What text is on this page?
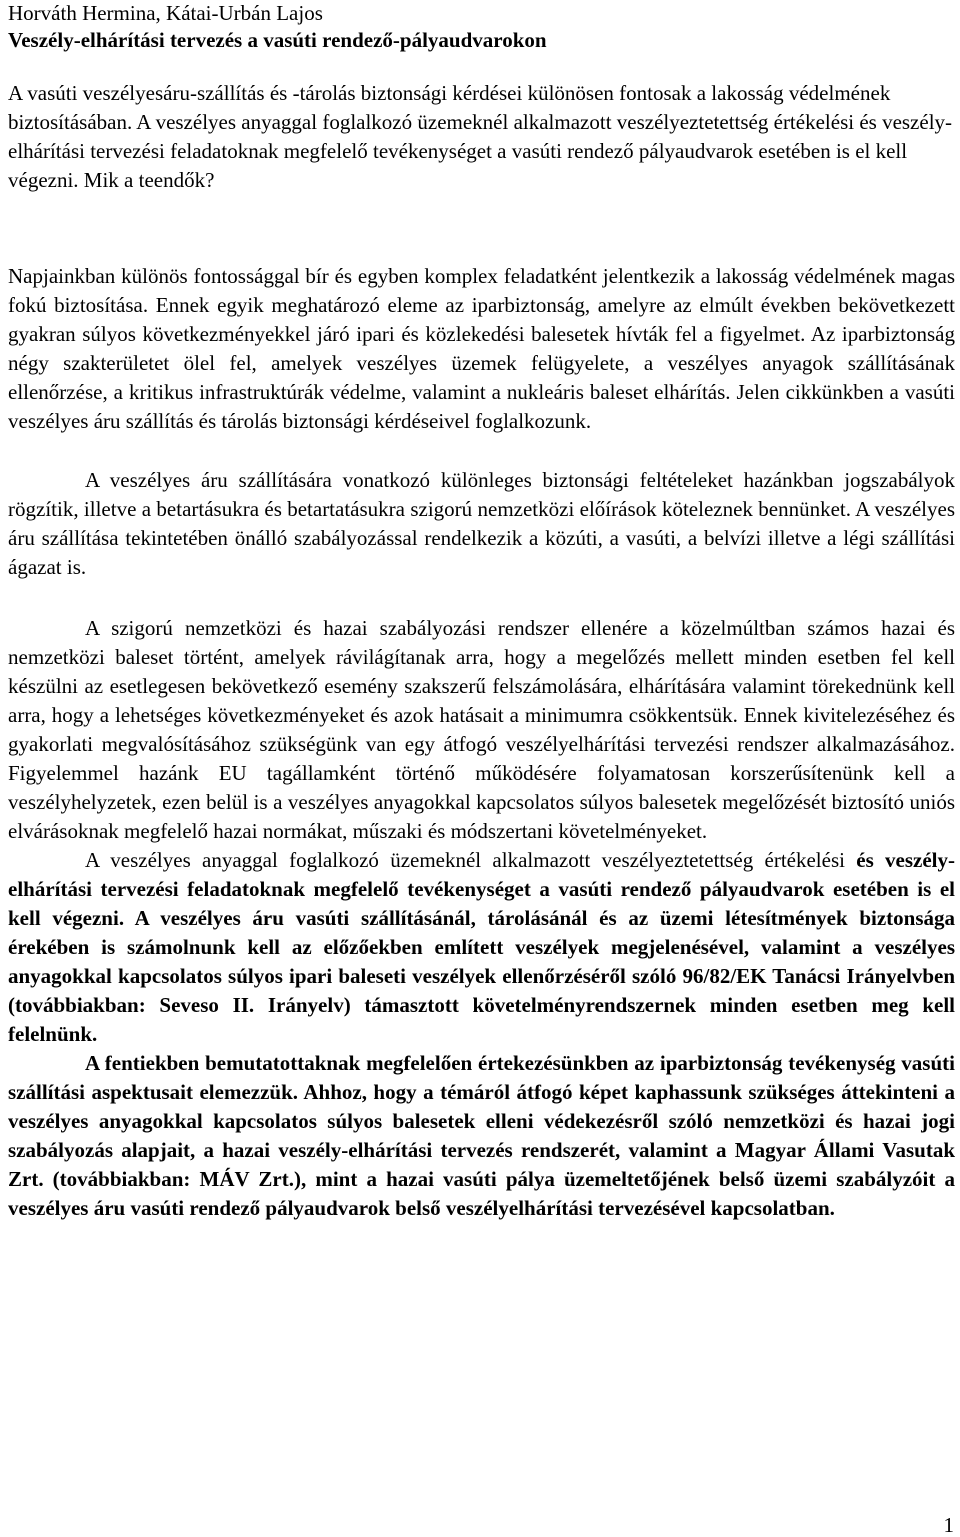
Horváth Hermina, Kátai-Urbán Lajos
Veszély-elhárítási tervezés a vasúti rendező-pályaudvarokon

A vasúti veszélyesáru-szállítás és -tárolás biztonsági kérdései különösen fontosak a lakosság védelmének biztosításában. A veszélyes anyaggal foglalkozó üzemeknél alkalmazott veszélyeztetettség értékelési és veszély-elhárítási tervezési feladatoknak megfelelő tevékenységet a vasúti rendező pályaudvarok esetében is el kell végezni. Mik a teendők?

Napjainkban különös fontossággal bír és egyben komplex feladatként jelentkezik a lakosság védelmének magas fokú biztosítása. Ennek egyik meghatározó eleme az iparbiztonság, amelyre az elmúlt években bekövetkezett gyakran súlyos következményekkel járó ipari és közlekedési balesetek hívták fel a figyelmet. Az iparbiztonság négy szakterületet ölel fel, amelyek veszélyes üzemek felügyelete, a veszélyes anyagok szállításának ellenőrzése, a kritikus infrastruktúrák védelme, valamint a nukleáris baleset elhárítás. Jelen cikkünkben a vasúti veszélyes áru szállítás és tárolás biztonsági kérdéseivel foglalkozunk.

A veszélyes áru szállítására vonatkozó különleges biztonsági feltételeket hazánkban jogszabályok rögzítik, illetve a betartásukra és betartatásukra szigorú nemzetközi előírások köteleznek bennünket. A veszélyes áru szállítása tekintetében önálló szabályozással rendelkezik a közúti, a vasúti, a belvízi illetve a légi szállítási ágazat is.

A szigorú nemzetközi és hazai szabályozási rendszer ellenére a közelmúltban számos hazai és nemzetközi baleset történt, amelyek rávilágítanak arra, hogy a megelőzés mellett minden esetben fel kell készülni az esetlegesen bekövetkező esemény szakszerű felszámolására, elhárítására valamint törekednünk kell arra, hogy a lehetséges következményeket és azok hatásait a minimumra csökkentsük. Ennek kivitelezéséhez és gyakorlati megvalósításához szükségünk van egy átfogó veszélyelhárítási tervezési rendszer alkalmazásához. Figyelemmel hazánk EU tagállamként történő működésére folyamatosan korszerűsítenünk kell a veszélyhelyzetek, ezen belül is a veszélyes anyagokkal kapcsolatos súlyos balesetek megelőzését biztosító uniós elvárásoknak megfelelő hazai normákat, műszaki és módszertani követelményeket.

A veszélyes anyaggal foglalkozó üzemeknél alkalmazott veszélyeztetettség értékelési és veszély-elhárítási tervezési feladatoknak megfelelő tevékenységet a vasúti rendező pályaudvarok esetében is el kell végezni. A veszélyes áru vasúti szállításánál, tárolásánál és az üzemi létesítmények biztonsága érekében is számolnunk kell az előzőekben említett veszélyek megjelenésével, valamint a veszélyes anyagokkal kapcsolatos súlyos ipari baleseti veszélyek ellenőrzéséről szóló 96/82/EK Tanácsi Irányelvben (továbbiakban: Seveso II. Irányelv) támasztott követelményrendszernek minden esetben meg kell felelnünk.

A fentiekben bemutatottaknak megfelelően értekezésünkben az iparbiztonság tevékenység vasúti szállítási aspektusait elemezzük. Ahhoz, hogy a témáról átfogó képet kaphassunk szükséges áttekinteni a veszélyes anyagokkal kapcsolatos súlyos balesetek elleni védekezésről szóló nemzetközi és hazai jogi szabályozás alapjait, a hazai veszély-elhárítási tervezés rendszerét, valamint a Magyar Állami Vasutak Zrt. (továbbiakban: MÁV Zrt.), mint a hazai vasúti pálya üzemeltetőjének belső üzemi szabályzóit a veszélyes áru vasúti rendező pályaudvarok belső veszélyelhárítási tervezésével kapcsolatban.

1
